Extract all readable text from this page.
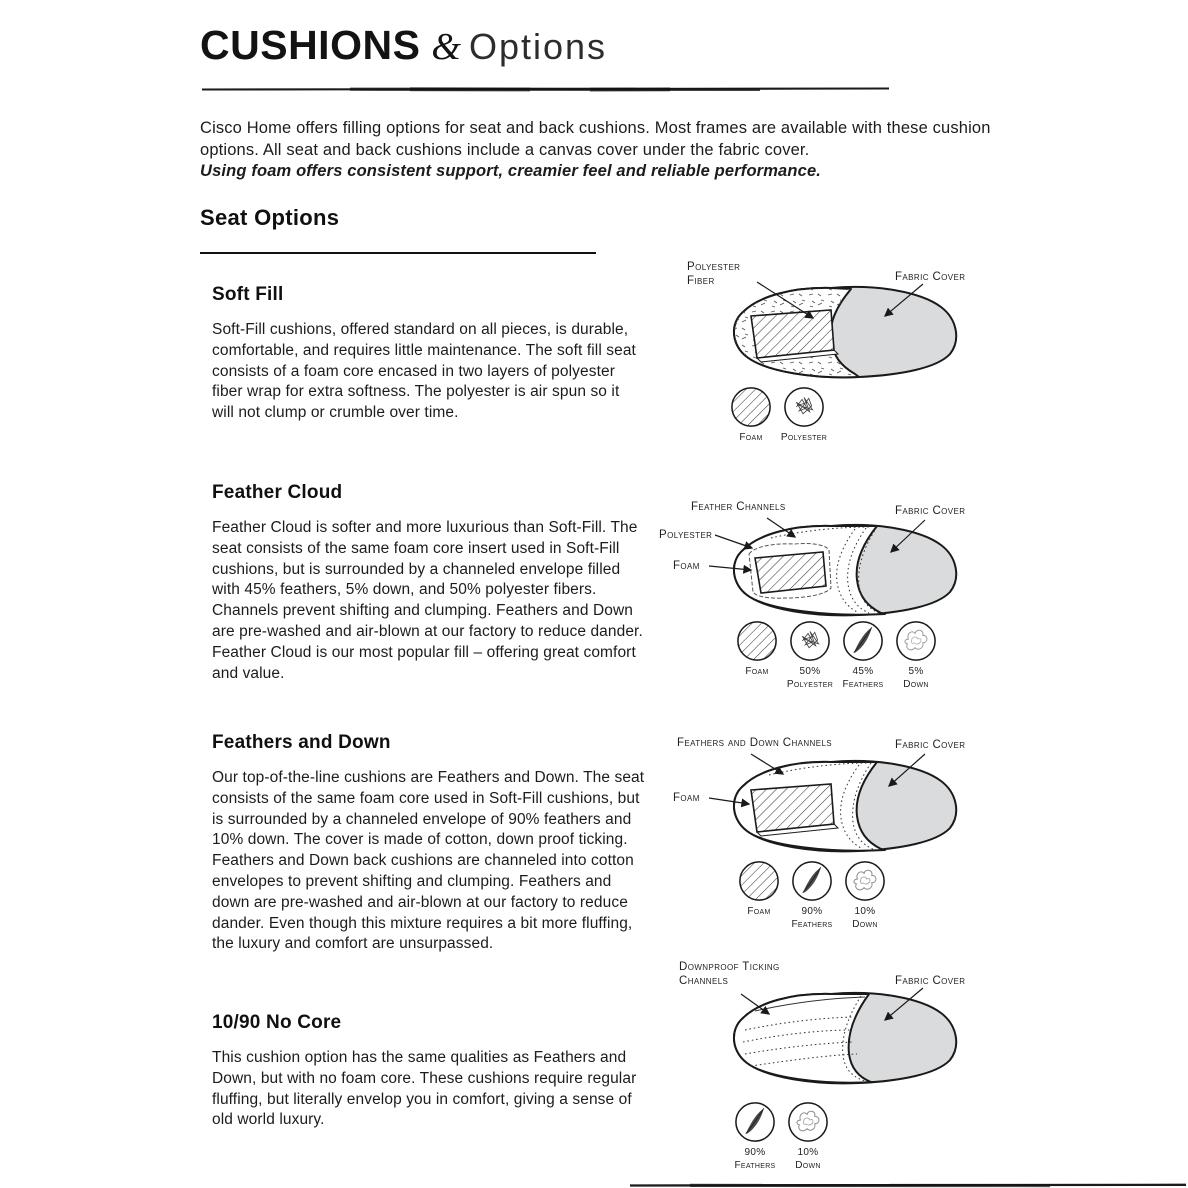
CUSHIONS & Options

Cisco Home offers filling options for seat and back cushions. Most frames are available with these cushion options. All seat and back cushions include a canvas cover under the fabric cover.

Using foam offers consistent support, creamier feel and reliable performance.

Seat Options
Soft Fill

Soft-Fill cushions, offered standard on all pieces, is durable, comfortable, and requires little maintenance. The soft fill seat consists of a foam core encased in two layers of polyester fiber wrap for extra softness. The polyester is air spun so it will not clump or crumble over time.

Polyester Fiber	Fabric Cover
Foam Polyester
Feather Cloud

Feather Cloud is softer and more luxurious than Soft-Fill. The seat consists of the same foam core insert used in Soft-Fill cushions, but is surrounded by a channeled envelope filled with 45% feathers, 5% down, and 50% polyester fibers. Channels prevent shifting and clumping. Feathers and Down are pre-washed and air-blown at our factory to reduce dander. Feather Cloud is our most popular fill – offering great comfort and value.

Feather Channels	Fabric Cover
Polyester
Foam
Foam	50%
Polyester
45%
Feathers
5%
Down
Feathers and Down

Our top-of-the-line cushions are Feathers and Down. The seat consists of the same foam core used in Soft-Fill cushions, but is surrounded by a channeled envelope of 90% feathers and 10% down. The cover is made of cotton, down proof ticking. Feathers and Down back cushions are channeled into cotton envelopes to prevent shifting and clumping. Feathers and down are pre-washed and air-blown at our factory to reduce dander. Even though this mixture requires a bit more fluffing, the luxury and comfort are unsurpassed.

Feathers and Down Channels	Fabric Cover
Foam
Foam	90%
Feathers
10%
Down
10/90 No Core

This cushion option has the same qualities as Feathers and Down, but with no foam core. These cushions require regular fluffing, but literally envelop you in comfort, giving a sense of old world luxury.

Downproof Ticking Channels	Fabric Cover
90%
Feathers
10%
Down
